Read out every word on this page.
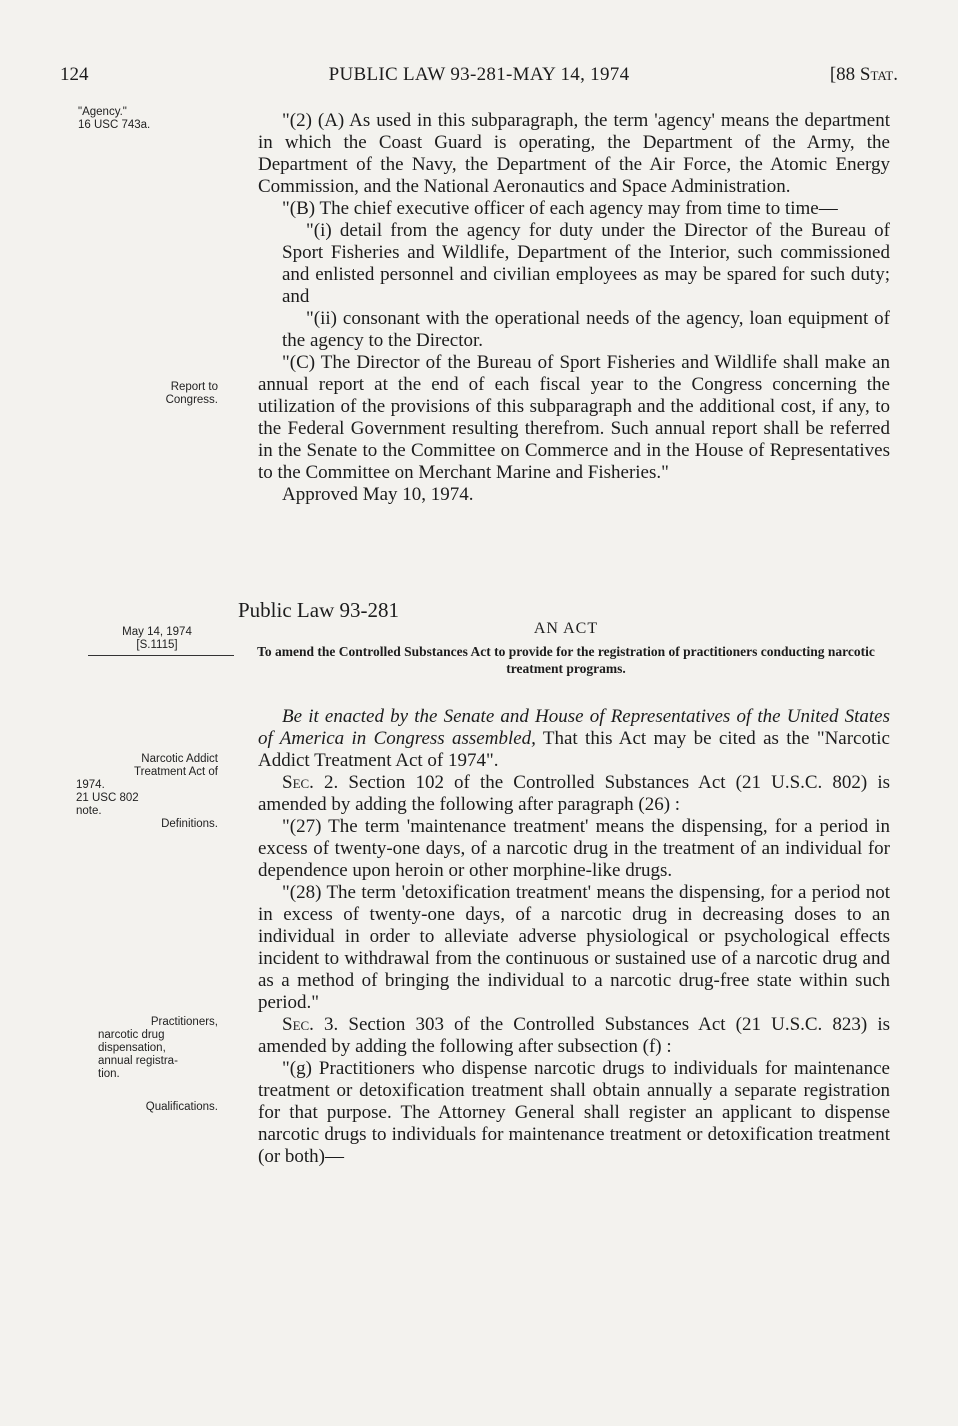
124	PUBLIC LAW 93-281-MAY 14, 1974	[88 Stat.
"Agency."
16 USC 743a.
Report to
Congress.
May 14, 1974
[S.1115]
Narcotic Addict
Treatment Act of
1974.
21 USC 802
note.
Definitions.
Practitioners,
narcotic drug
dispensation,
annual registra-
tion.
Qualifications.

"(2) (A) As used in this subparagraph, the term 'agency' means the department in which the Coast Guard is operating, the Department of the Army, the Department of the Navy, the Department of the Air Force, the Atomic Energy Commission, and the National Aeronautics and Space Administration.

"(B) The chief executive officer of each agency may from time to time—

"(i) detail from the agency for duty under the Director of the Bureau of Sport Fisheries and Wildlife, Department of the Interior, such commissioned and enlisted personnel and civilian employees as may be spared for such duty; and

"(ii) consonant with the operational needs of the agency, loan equipment of the agency to the Director.

"(C) The Director of the Bureau of Sport Fisheries and Wildlife shall make an annual report at the end of each fiscal year to the Congress concerning the utilization of the provisions of this subparagraph and the additional cost, if any, to the Federal Government resulting therefrom. Such annual report shall be referred in the Senate to the Committee on Commerce and in the House of Representatives to the Committee on Merchant Marine and Fisheries."

Approved May 10, 1974.

Public Law 93-281
AN ACT
To amend the Controlled Substances Act to provide for the registration of practitioners conducting narcotic treatment programs.

Be it enacted by the Senate and House of Representatives of the United States of America in Congress assembled, That this Act may be cited as the "Narcotic Addict Treatment Act of 1974".

Sec. 2. Section 102 of the Controlled Substances Act (21 U.S.C. 802) is amended by adding the following after paragraph (26) :

"(27) The term 'maintenance treatment' means the dispensing, for a period in excess of twenty-one days, of a narcotic drug in the treatment of an individual for dependence upon heroin or other morphine-like drugs.

"(28) The term 'detoxification treatment' means the dispensing, for a period not in excess of twenty-one days, of a narcotic drug in decreasing doses to an individual in order to alleviate adverse physiological or psychological effects incident to withdrawal from the continuous or sustained use of a narcotic drug and as a method of bringing the individual to a narcotic drug-free state within such period."

Sec. 3. Section 303 of the Controlled Substances Act (21 U.S.C. 823) is amended by adding the following after subsection (f) :

"(g) Practitioners who dispense narcotic drugs to individuals for maintenance treatment or detoxification treatment shall obtain annually a separate registration for that purpose. The Attorney General shall register an applicant to dispense narcotic drugs to individuals for maintenance treatment or detoxification treatment (or both)—
